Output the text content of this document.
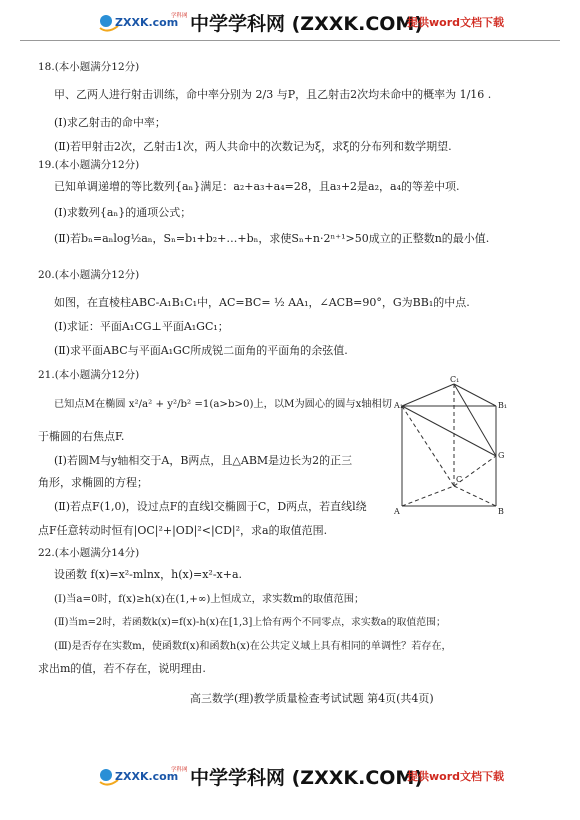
ZXXK.com
学科网 中学学科网 (ZXXK.COM)
提供word文档下载
18.(本小题满分12分)
甲、乙两人进行射击训练，命中率分别为 2/3 与P，且乙射击2次均未命中的概率为 1/16 .
(Ⅰ)求乙射击的命中率；
(Ⅱ)若甲射击2次，乙射击1次，两人共命中的次数记为ξ，求ξ的分布列和数学期望.
19.(本小题满分12分)
已知单调递增的等比数列{aₙ}满足：a₂+a₃+a₄=28，且a₃+2是a₂，a₄的等差中项.
(Ⅰ)求数列{aₙ}的通项公式；
(Ⅱ)若bₙ=aₙlog½aₙ，Sₙ=b₁+b₂+…+bₙ，求使Sₙ+n·2ⁿ⁺¹>50成立的正整数n的最小值.
20.(本小题满分12分)
如图，在直棱柱ABC-A₁B₁C₁中，AC=BC= ½ AA₁，∠ACB=90°，G为BB₁的中点.
(Ⅰ)求证：平面A₁CG⊥平面A₁GC₁；
(Ⅱ)求平面ABC与平面A₁GC所成锐二面角的平面角的余弦值.
21.(本小题满分12分)
已知点M在椭圆 x²/a² + y²/b² =1(a>b>0)上，以M为圆心的圆与x轴相切
于椭圆的右焦点F.
(Ⅰ)若圆M与y轴相交于A，B两点，且△ABM是边长为2的正三
角形，求椭圆的方程；
(Ⅱ)若点F(1,0)，设过点F的直线l交椭圆于C，D两点，若直线l绕
点F任意转动时恒有|OC|²+|OD|²<|CD|²，求a的取值范围.
22.(本小题满分14分)
设函数 f(x)=x²-mlnx，h(x)=x²-x+a.
(Ⅰ)当a=0时，f(x)≥h(x)在(1,+∞)上恒成立，求实数m的取值范围；
(Ⅱ)当m=2时，若函数k(x)=f(x)-h(x)在[1,3]上恰有两个不同零点，求实数a的取值范围；
(Ⅲ)是否存在实数m，使函数f(x)和函数h(x)在公共定义域上具有相同的单调性？若存在，
求出m的值，若不存在，说明理由.
C₁
A₁	B₁
C
G
A	B
高三数学(理)教学质量检查考试试题 第4页(共4页)
ZXXK.com
学科网 中学学科网 (ZXXK.COM)
提供word文档下载
